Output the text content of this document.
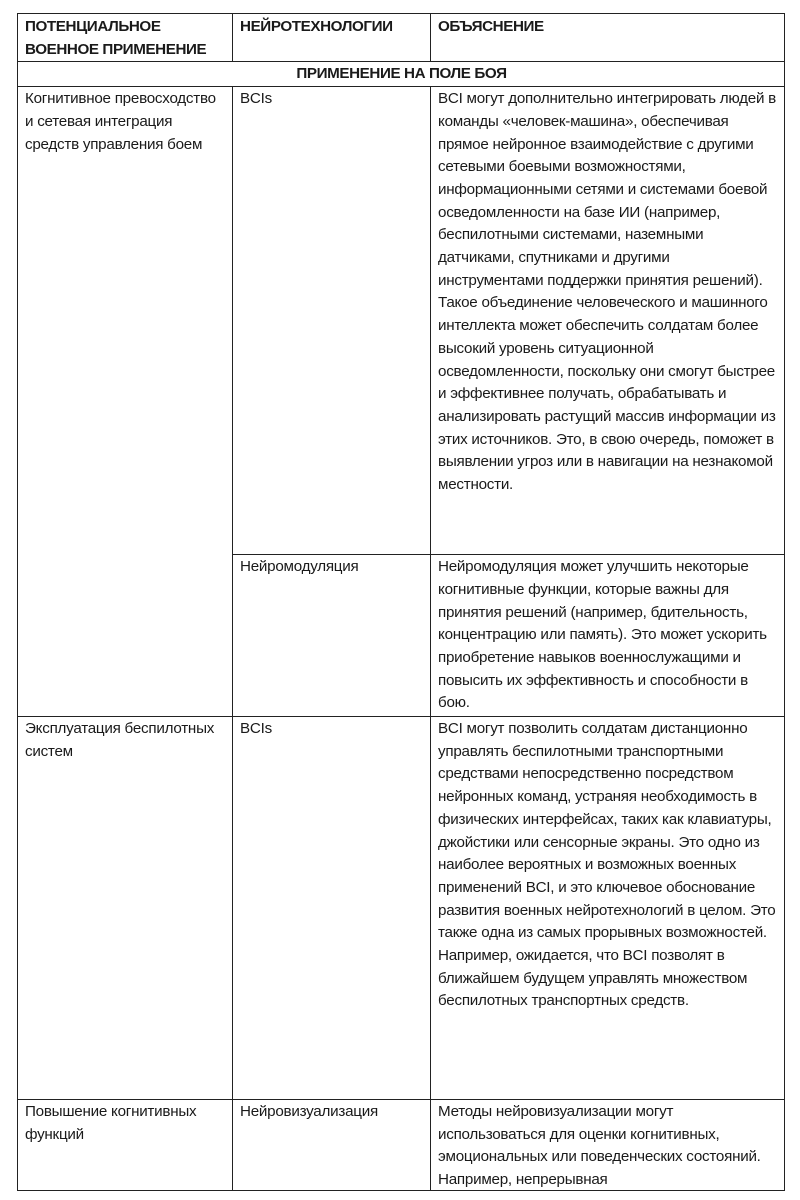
ПОТЕНЦИАЛЬНОЕ ВОЕННОЕ ПРИМЕНЕНИЕ	НЕЙРОТЕХНОЛОГИИ	ОБЪЯСНЕНИЕ
ПРИМЕНЕНИЕ НА ПОЛЕ БОЯ		
Когнитивное превосходство и сетевая интеграция средств управления боем	BCIs	BCI могут дополнительно интегрировать людей в команды «человек-машина», обеспечивая прямое нейронное взаимодействие с другими сетевыми боевыми возможностями, информационными сетями и системами боевой осведомленности на базе ИИ (например, беспилотными системами, наземными датчиками, спутниками и другими инструментами поддержки принятия решений). Такое объединение человеческого и машинного интеллекта может обеспечить солдатам более высокий уровень ситуационной осведомленности, поскольку они смогут быстрее и эффективнее получать, обрабатывать и анализировать растущий массив информации из этих источников. Это, в свою очередь, поможет в выявлении угроз или в навигации на незнакомой местности.
	Нейромодуляция	Нейромодуляция может улучшить некоторые когнитивные функции, которые важны для принятия решений (например, бдительность, концентрацию или память). Это может ускорить приобретение навыков военнослужащими и повысить их эффективность и способности в бою.
Эксплуатация беспилотных систем	BCIs	BCI могут позволить солдатам дистанционно управлять беспилотными транспортными средствами непосредственно посредством нейронных команд, устраняя необходимость в физических интерфейсах, таких как клавиатуры, джойстики или сенсорные экраны. Это одно из наиболее вероятных и возможных военных применений BCI, и это ключевое обоснование развития военных нейротехнологий в целом. Это также одна из самых прорывных возможностей. Например, ожидается, что BCI позволят в ближайшем будущем управлять множеством беспилотных транспортных средств.
Повышение когнитивных функций	Нейровизуализация	Методы нейровизуализации могут использоваться для оценки когнитивных, эмоциональных или поведенческих состояний. Например, непрерывная
